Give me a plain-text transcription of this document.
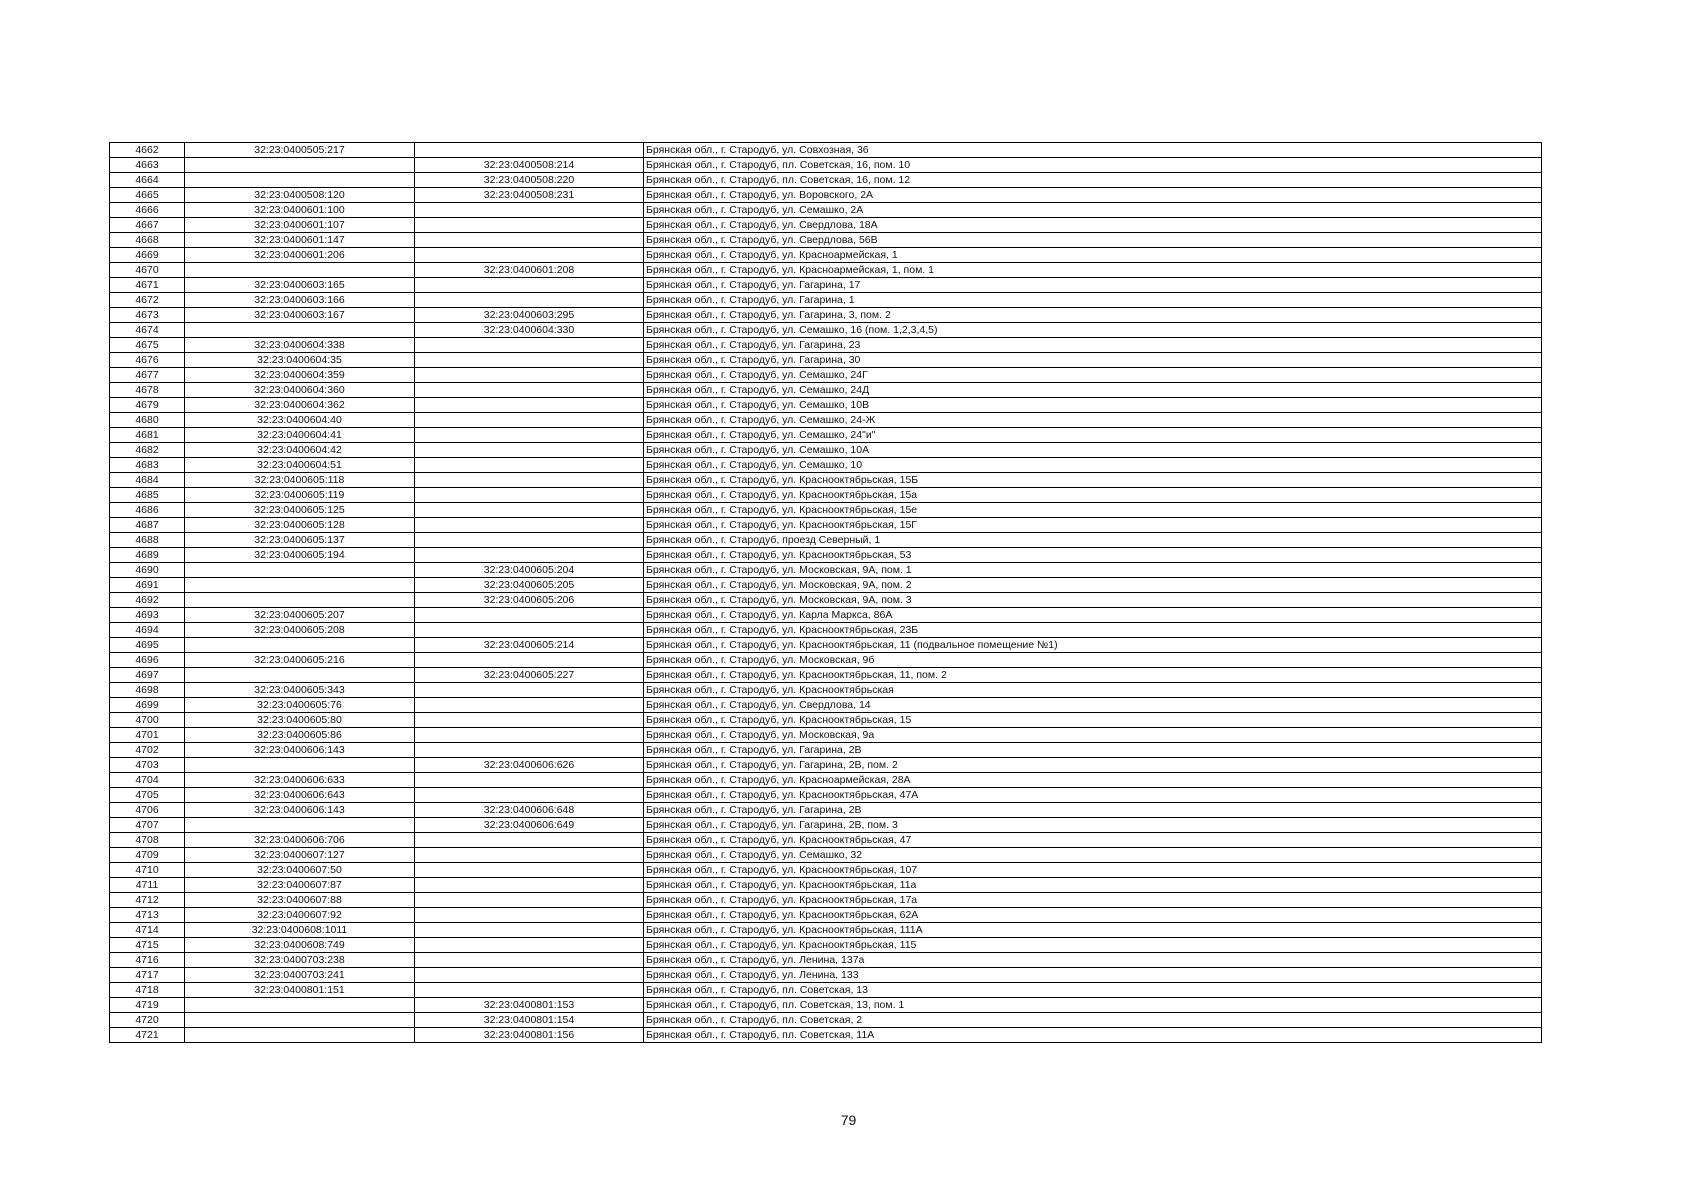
4662	32:23:0400505:217		Брянская обл., г. Стародуб, ул. Совхозная, 36
4663		32:23:0400508:214	Брянская обл., г. Стародуб, пл. Советская, 16, пом. 10
4664		32:23:0400508:220	Брянская обл., г. Стародуб, пл. Советская, 16, пом. 12
4665	32:23:0400508:120	32:23:0400508:231	Брянская обл., г. Стародуб, ул. Воровского, 2А
4666	32:23:0400601:100		Брянская обл., г. Стародуб, ул. Семашко, 2А
4667	32:23:0400601:107		Брянская обл., г. Стародуб, ул. Свердлова, 18А
4668	32:23:0400601:147		Брянская обл., г. Стародуб, ул. Свердлова, 56В
4669	32:23:0400601:206		Брянская обл., г. Стародуб, ул. Красноармейская, 1
4670		32:23:0400601:208	Брянская обл., г. Стародуб, ул. Красноармейская, 1, пом. 1
4671	32:23:0400603:165		Брянская обл., г. Стародуб, ул. Гагарина, 17
4672	32:23:0400603:166		Брянская обл., г. Стародуб, ул. Гагарина, 1
4673	32:23:0400603:167	32:23:0400603:295	Брянская обл., г. Стародуб, ул. Гагарина, 3, пом. 2
4674		32:23:0400604:330	Брянская обл., г. Стародуб, ул. Семашко, 16 (пом. 1,2,3,4,5)
4675	32:23:0400604:338		Брянская обл., г. Стародуб, ул. Гагарина, 23
4676	32:23:0400604:35		Брянская обл., г. Стародуб, ул. Гагарина, 30
4677	32:23:0400604:359		Брянская обл., г. Стародуб, ул. Семашко, 24Г
4678	32:23:0400604:360		Брянская обл., г. Стародуб, ул. Семашко, 24Д
4679	32:23:0400604:362		Брянская обл., г. Стародуб, ул. Семашко, 10В
4680	32:23:0400604:40		Брянская обл., г. Стародуб, ул. Семашко, 24-Ж
4681	32:23:0400604:41		Брянская обл., г. Стародуб, ул. Семашко, 24"и"
4682	32:23:0400604:42		Брянская обл., г. Стародуб, ул. Семашко, 10А
4683	32:23:0400604:51		Брянская обл., г. Стародуб, ул. Семашко, 10
4684	32:23:0400605:118		Брянская обл., г. Стародуб, ул. Краснооктябрьская, 15Б
4685	32:23:0400605:119		Брянская обл., г. Стародуб, ул. Краснооктябрьская, 15а
4686	32:23:0400605:125		Брянская обл., г. Стародуб, ул. Краснооктябрьская, 15е
4687	32:23:0400605:128		Брянская обл., г. Стародуб, ул. Краснооктябрьская, 15Г
4688	32:23:0400605:137		Брянская обл., г. Стародуб, проезд Северный, 1
4689	32:23:0400605:194		Брянская обл., г. Стародуб, ул. Краснооктябрьская, 53
4690		32:23:0400605:204	Брянская обл., г. Стародуб, ул. Московская, 9А, пом. 1
4691		32:23:0400605:205	Брянская обл., г. Стародуб, ул. Московская, 9А, пом. 2
4692		32:23:0400605:206	Брянская обл., г. Стародуб, ул. Московская, 9А, пом. 3
4693	32:23:0400605:207		Брянская обл., г. Стародуб, ул. Карла Маркса, 86А
4694	32:23:0400605:208		Брянская обл., г. Стародуб, ул. Краснооктябрьская, 23Б
4695		32:23:0400605:214	Брянская обл., г. Стародуб, ул. Краснооктябрьская, 11 (подвальное помещение №1)
4696	32:23:0400605:216		Брянская обл., г. Стародуб, ул. Московская, 9б
4697		32:23:0400605:227	Брянская обл., г. Стародуб, ул. Краснооктябрьская, 11, пом. 2
4698	32:23:0400605:343		Брянская обл., г. Стародуб, ул. Краснооктябрьская
4699	32:23:0400605:76		Брянская обл., г. Стародуб, ул. Свердлова, 14
4700	32:23:0400605:80		Брянская обл., г. Стародуб, ул. Краснооктябрьская, 15
4701	32:23:0400605:86		Брянская обл., г. Стародуб, ул. Московская, 9а
4702	32:23:0400606:143		Брянская обл., г. Стародуб, ул. Гагарина, 2В
4703		32:23:0400606:626	Брянская обл., г. Стародуб, ул. Гагарина, 2В, пом. 2
4704	32:23:0400606:633		Брянская обл., г. Стародуб, ул. Красноармейская, 28А
4705	32:23:0400606:643		Брянская обл., г. Стародуб, ул. Краснооктябрьская, 47А
4706	32:23:0400606:143	32:23:0400606:648	Брянская обл., г. Стародуб, ул. Гагарина, 2В
4707		32:23:0400606:649	Брянская обл., г. Стародуб, ул. Гагарина, 2В, пом. 3
4708	32:23:0400606:706		Брянская обл., г. Стародуб, ул. Краснооктябрьская, 47
4709	32:23:0400607:127		Брянская обл., г. Стародуб, ул. Семашко, 32
4710	32:23:0400607:50		Брянская обл., г. Стародуб, ул. Краснооктябрьская, 107
4711	32:23:0400607:87		Брянская обл., г. Стародуб, ул. Краснооктябрьская, 11а
4712	32:23:0400607:88		Брянская обл., г. Стародуб, ул. Краснооктябрьская, 17а
4713	32:23:0400607:92		Брянская обл., г. Стародуб, ул. Краснооктябрьская, 62А
4714	32:23:0400608:1011		Брянская обл., г. Стародуб, ул. Краснооктябрьская, 111А
4715	32:23:0400608:749		Брянская обл., г. Стародуб, ул. Краснооктябрьская, 115
4716	32:23:0400703:238		Брянская обл., г. Стародуб, ул. Ленина, 137а
4717	32:23:0400703:241		Брянская обл., г. Стародуб, ул. Ленина, 133
4718	32:23:0400801:151		Брянская обл., г. Стародуб, пл. Советская, 13
4719		32:23:0400801:153	Брянская обл., г. Стародуб, пл. Советская, 13, пом. 1
4720		32:23:0400801:154	Брянская обл., г. Стародуб, пл. Советская, 2
4721		32:23:0400801:156	Брянская обл., г. Стародуб, пл. Советская, 11А
79
